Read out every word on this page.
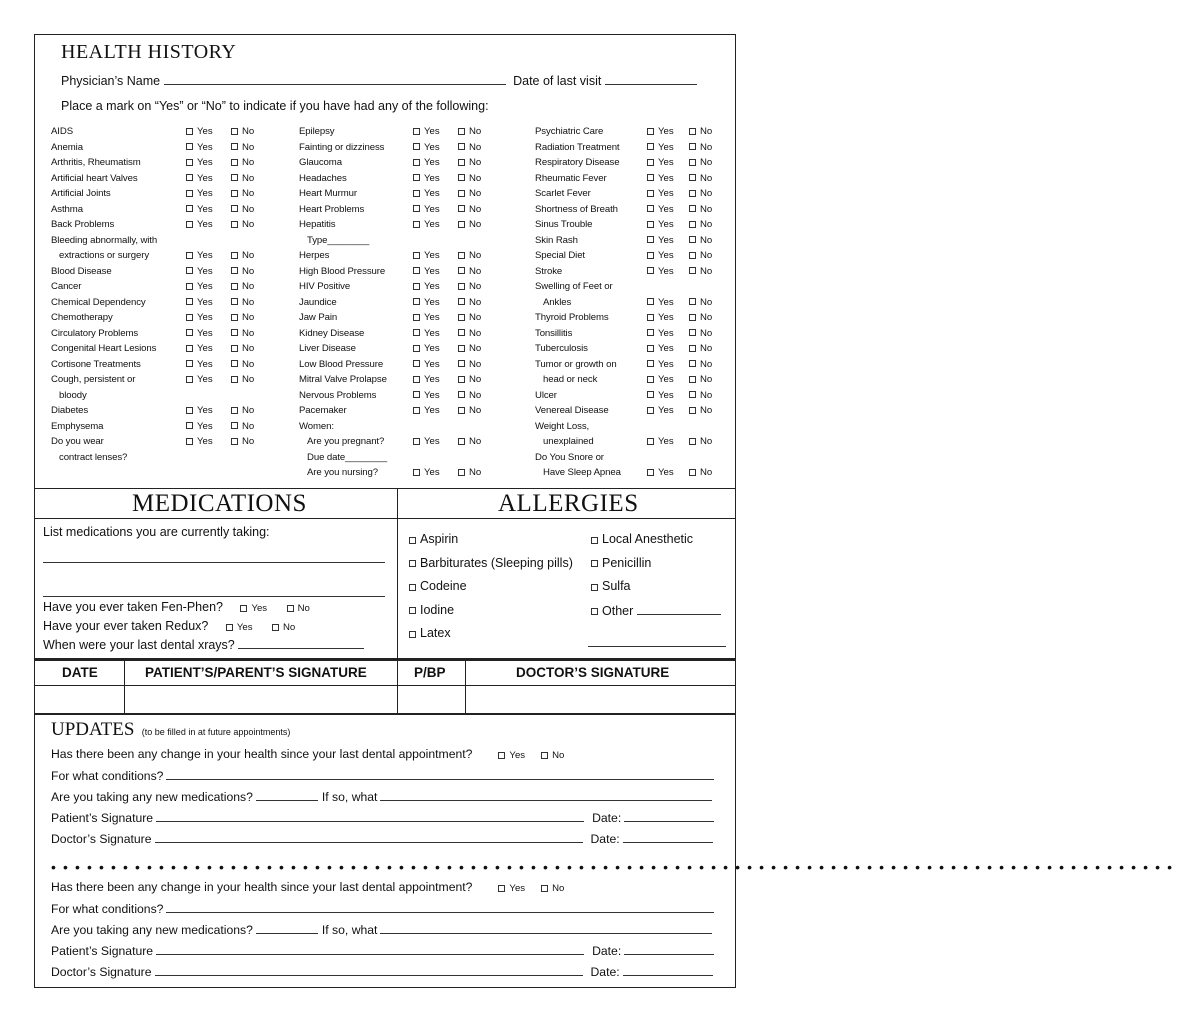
HEALTH HISTORY
Physician’s Name	Date of last visit
Place a mark on “Yes” or “No” to indicate if you have had any of the following:
AIDS	Yes	No
Anemia	Yes	No
Arthritis, Rheumatism	Yes	No
Artificial heart Valves	Yes	No
Artificial Joints	Yes	No
Asthma	Yes	No
Back Problems	Yes	No
Bleeding abnormally, with
extractions or surgery	Yes	No
Blood Disease	Yes	No
Cancer	Yes	No
Chemical Dependency	Yes	No
Chemotherapy	Yes	No
Circulatory Problems	Yes	No
Congenital Heart Lesions	Yes	No
Cortisone Treatments	Yes	No
Cough, persistent or	Yes	No
bloody
Diabetes	Yes	No
Emphysema	Yes	No
Do you wear	Yes	No
contract lenses?
Epilepsy	Yes	No
Fainting or dizziness	Yes	No
Glaucoma	Yes	No
Headaches	Yes	No
Heart Murmur	Yes	No
Heart Problems	Yes	No
Hepatitis	Yes	No
Type________
Herpes	Yes	No
High Blood Pressure	Yes	No
HIV Positive	Yes	No
Jaundice	Yes	No
Jaw Pain	Yes	No
Kidney Disease	Yes	No
Liver Disease	Yes	No
Low Blood Pressure	Yes	No
Mitral Valve Prolapse	Yes	No
Nervous Problems	Yes	No
Pacemaker	Yes	No
Women:
Are you pregnant?	Yes	No
Due date________
Are you nursing?	Yes	No
Psychiatric Care	Yes	No
Radiation Treatment	Yes	No
Respiratory Disease	Yes	No
Rheumatic Fever	Yes	No
Scarlet Fever	Yes	No
Shortness of Breath	Yes	No
Sinus Trouble	Yes	No
Skin Rash	Yes	No
Special Diet	Yes	No
Stroke	Yes	No
Swelling of Feet or
Ankles	Yes	No
Thyroid Problems	Yes	No
Tonsillitis	Yes	No
Tuberculosis	Yes	No
Tumor or growth on	Yes	No
head or neck	Yes	No
Ulcer	Yes	No
Venereal Disease	Yes	No
Weight Loss,
unexplained	Yes	No
Do You Snore or
Have Sleep Apnea	Yes	No
MEDICATIONS	ALLERGIES
List medications you are currently taking:
Have you ever taken Fen-Phen?	Yes	No
Have your ever taken Redux?	Yes	No
When were your last dental xrays?
Aspirin
Barbiturates (Sleeping pills)
Codeine
Iodine
Latex
Local Anesthetic
Penicillin
Sulfa
Other
DATE	PATIENT’S/PARENT’S SIGNATURE	P/BP	DOCTOR’S SIGNATURE
UPDATES (to be filled in at future appointments)
Has there been any change in your health since your last dental appointment?	Yes	No
For what conditions?
Are you taking any new medications?	If so, what
Patient’s Signature	Date:
Doctor’s Signature	Date:
••••••••••••••••••••••••••••••••••••••••••••••••••••••••••••••••••••••••••••••••••••••••••••••
Has there been any change in your health since your last dental appointment?	Yes	No
For what conditions?
Are you taking any new medications?	If so, what
Patient’s Signature	Date:
Doctor’s Signature	Date:
